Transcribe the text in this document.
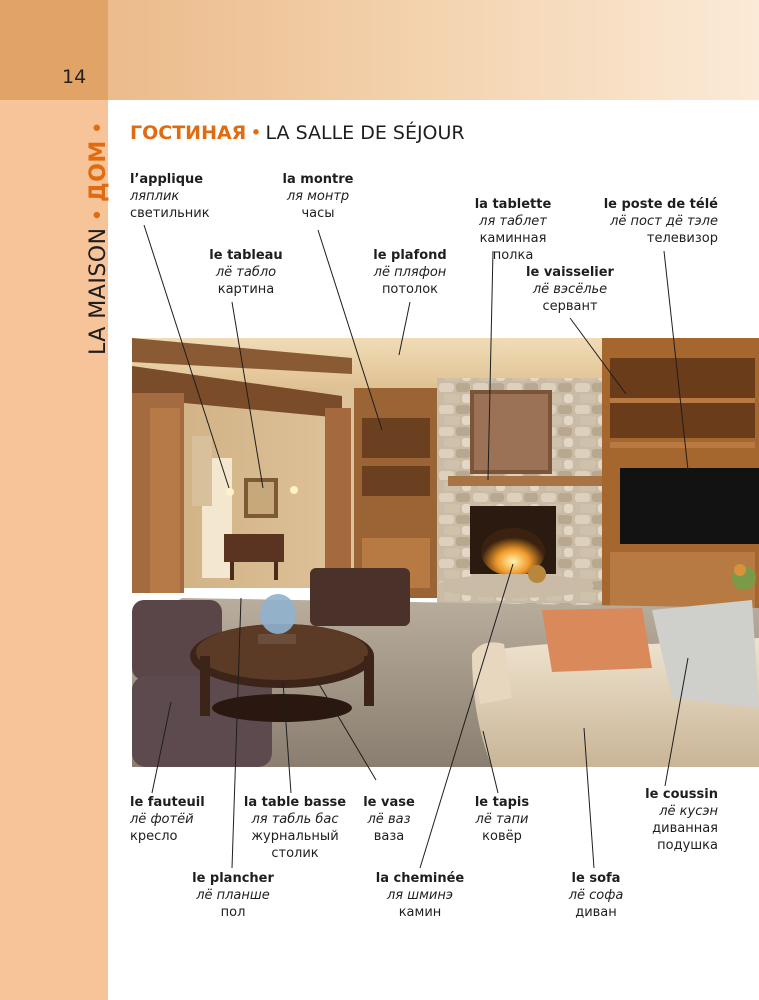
14
LA MAISON•ДОМ• ГОСТИНАЯ • LA SALLE DE SÉJOUR
l’applique
ляплик
светильник
la montre
ля монтр
часы
la tablette
ля таблет
каминная полка
le poste de télé
лё пост дё тэле
телевизор
le tableau
лё табло
картина
le plafond
лё пляфон
потолок
le vaisselier
лё вэсёлье
сервант
le fauteuil
лё фотёй
кресло
la table basse
ля табль бас
журнальный
столик
le vase
лё ваз
ваза
le tapis
лё тапи
ковёр
le coussin
лё кусэн
диванная
подушка
le plancher
лё планше
пол
la cheminée
ля шминэ
камин
le sofa
лё софа
диван
